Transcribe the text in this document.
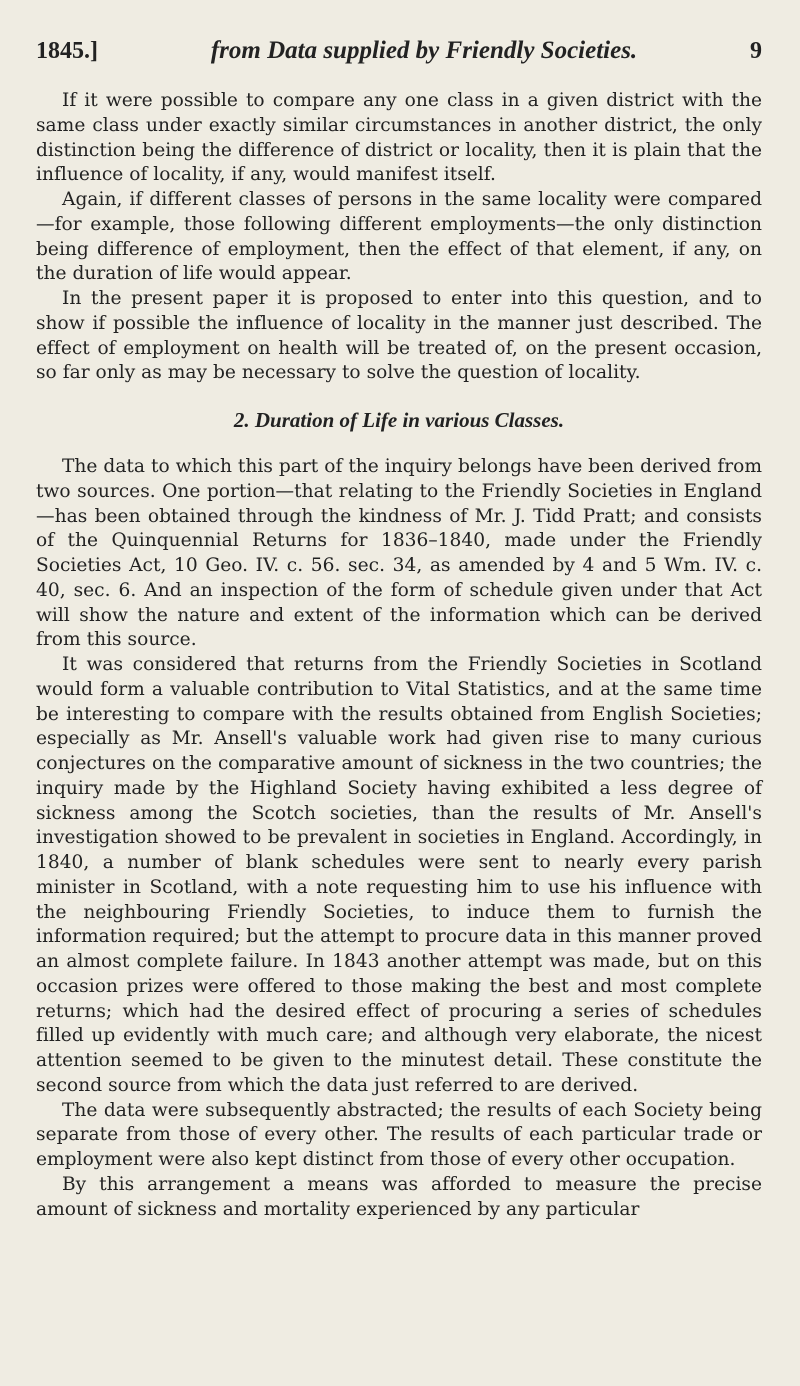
1845.]	from Data supplied by Friendly Societies.	9

If it were possible to compare any one class in a given district with the same class under exactly similar circumstances in another district, the only distinction being the difference of district or locality, then it is plain that the influence of locality, if any, would manifest itself.

Again, if different classes of persons in the same locality were compared—for example, those following different employments—the only distinction being difference of employment, then the effect of that element, if any, on the duration of life would appear.

In the present paper it is proposed to enter into this question, and to show if possible the influence of locality in the manner just described. The effect of employment on health will be treated of, on the present occasion, so far only as may be necessary to solve the question of locality.

2. Duration of Life in various Classes.

The data to which this part of the inquiry belongs have been derived from two sources. One portion—that relating to the Friendly Societies in England—has been obtained through the kindness of Mr. J. Tidd Pratt; and consists of the Quinquennial Returns for 1836–1840, made under the Friendly Societies Act, 10 Geo. IV. c. 56. sec. 34, as amended by 4 and 5 Wm. IV. c. 40, sec. 6. And an inspection of the form of schedule given under that Act will show the nature and extent of the information which can be derived from this source.

It was considered that returns from the Friendly Societies in Scotland would form a valuable contribution to Vital Statistics, and at the same time be interesting to compare with the results obtained from English Societies; especially as Mr. Ansell's valuable work had given rise to many curious conjectures on the comparative amount of sickness in the two countries; the inquiry made by the Highland Society having exhibited a less degree of sickness among the Scotch societies, than the results of Mr. Ansell's investigation showed to be prevalent in societies in England. Accordingly, in 1840, a number of blank schedules were sent to nearly every parish minister in Scotland, with a note requesting him to use his influence with the neighbouring Friendly Societies, to induce them to furnish the information required; but the attempt to procure data in this manner proved an almost complete failure. In 1843 another attempt was made, but on this occasion prizes were offered to those making the best and most complete returns; which had the desired effect of procuring a series of schedules filled up evidently with much care; and although very elaborate, the nicest attention seemed to be given to the minutest detail. These constitute the second source from which the data just referred to are derived.

The data were subsequently abstracted; the results of each Society being separate from those of every other. The results of each particular trade or employment were also kept distinct from those of every other occupation.

By this arrangement a means was afforded to measure the precise amount of sickness and mortality experienced by any particular
